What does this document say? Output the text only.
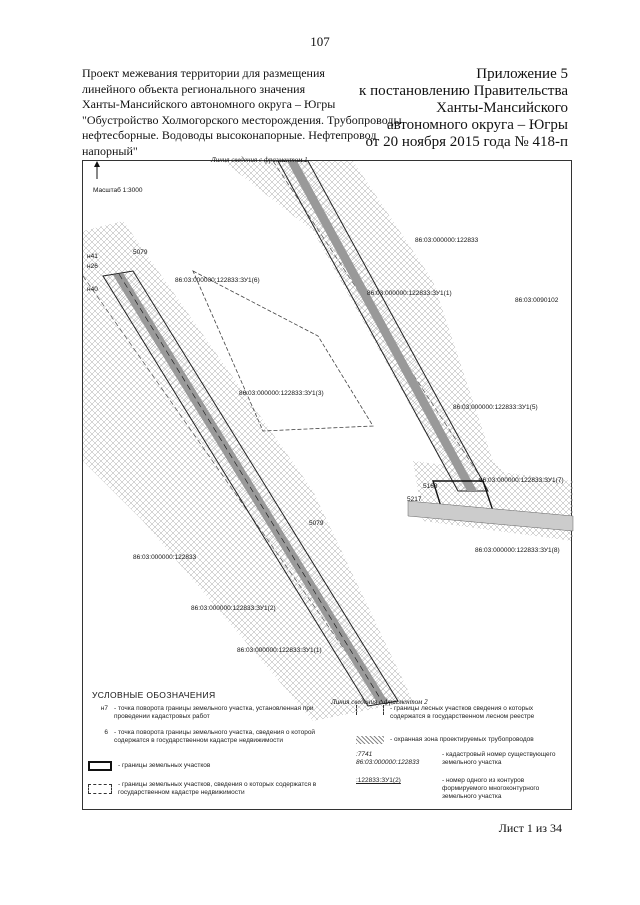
107
Проект межевания территории для размещения
линейного объекта регионального значения
Ханты-Мансийского автономного округа – Югры
"Обустройство Холмогорского месторождения. Трубопроводы
нефтесборные. Водоводы высоконапорные. Нефтепровод
напорный"
Приложение 5
к постановлению Правительства
Ханты-Мансийского
автономного округа – Югры
от 20 ноября 2015 года № 418-п
Масштаб 1:3000
Линия сведения с фрагментом 1
Линия сведения с фрагментом 2
86:03:000000:122833:ЗУ1(6)
86:03:000000:122833:ЗУ1(1)
86:03:000000:122833:ЗУ1(3)
86:03:000000:122833:ЗУ1(5)
86:03:000000:122833:ЗУ1(7)
86:03:000000:122833:ЗУ1(8)
86:03:000000:122833:ЗУ1(2)
86:03:000000:122833:ЗУ1(1)
86:03:000000:122833
86:03:0090102
86:03:000000:122833
5079
5079
5163
5217
н41
н26
н40
УСЛОВНЫЕ ОБОЗНАЧЕНИЯ
н7 - точка поворота границы земельного участка, установленная при проведении кадастровых работ
6 - точка поворота границы земельного участка, сведения о которой содержатся в государственном кадастре недвижимости
- границы земельных участков
- границы земельных участков, сведения о которых содержатся в государственном кадастре недвижимости
- границы лесных участков сведения о которых содержатся в государственном лесном реестре
- охранная зона проектируемых трубопроводов
:7741
86:03:000000:122833
- кадастровый номер существующего земельного участка
:122833:ЗУ1(2)	- номер одного из контуров формируемого многоконтурного земельного участка
Лист 1 из 34
